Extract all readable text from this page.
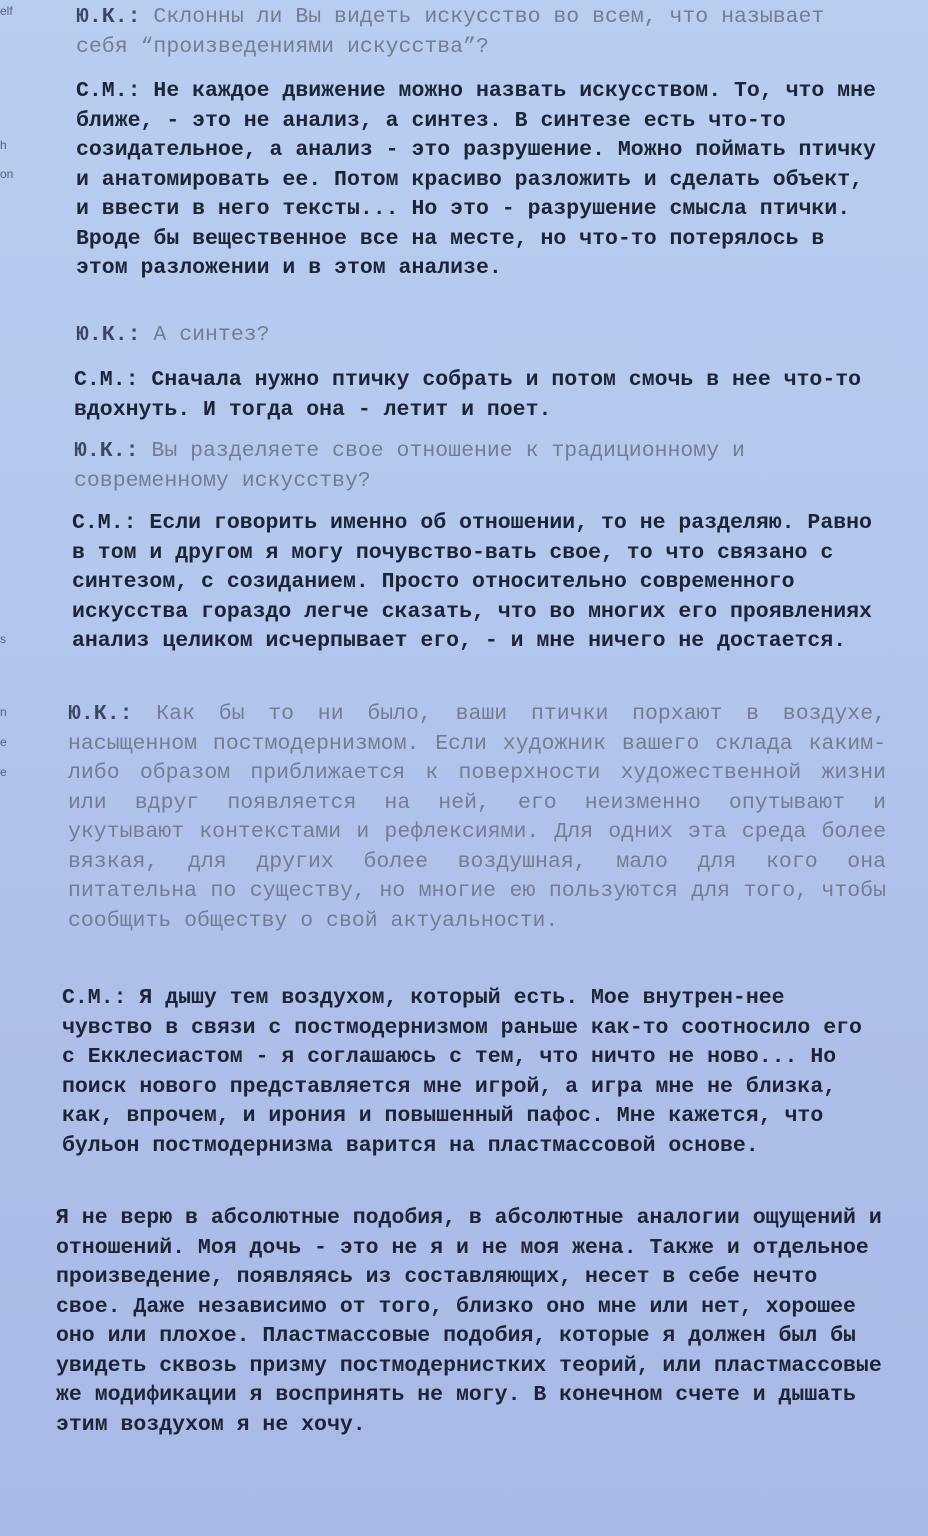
elf
h
on
s
n
e
e

Ю.К.: Склонны ли Вы видеть искусство во всем, что называет себя “произведениями искусства”?

С.М.: Не каждое движение можно назвать искусством. То, что мне ближе, - это не анализ, а синтез. В синтезе есть что-то созидательное, а анализ - это разрушение. Можно поймать птичку и анатомировать ее. Потом красиво разложить и сделать объект, и ввести в него тексты... Но это - разрушение смысла птички. Вроде бы вещественное все на месте, но что-то потерялось в этом разложении и в этом анализе.

Ю.К.: А синтез?

С.М.: Сначала нужно птичку собрать и потом смочь в нее что-то вдохнуть. И тогда она - летит и поет.

Ю.К.: Вы разделяете свое отношение к традиционному и современному искусству?

С.М.: Если говорить именно об отношении, то не разделяю. Равно в том и другом я могу почувство-вать свое, то что связано с синтезом, с созиданием. Просто относительно современного искусства гораздо легче сказать, что во многих его проявлениях анализ целиком исчерпывает его, - и мне ничего не достается.

Ю.К.: Как бы то ни было, ваши птички порхают в воздухе, насыщенном постмодернизмом. Если художник вашего склада каким-либо образом приближается к поверхности художественной жизни или вдруг появляется на ней, его неизменно опутывают и укутывают контекстами и рефлексиями. Для одних эта среда более вязкая, для других более воздушная, мало для кого она питательна по существу, но многие ею пользуются для того, чтобы сообщить обществу о свой актуальности.

С.М.: Я дышу тем воздухом, который есть. Мое внутрен-нее чувство в связи с постмодернизмом раньше как-то соотносило его с Екклесиастом - я соглашаюсь с тем, что ничто не ново... Но поиск нового представляется мне игрой, а игра мне не близка, как, впрочем, и ирония и повышенный пафос. Мне кажется, что бульон постмодернизма варится на пластмассовой основе.

Я не верю в абсолютные подобия, в абсолютные аналогии ощущений и отношений. Моя дочь - это не я и не моя жена. Также и отдельное произведение, появляясь из составляющих, несет в себе нечто свое. Даже независимо от того, близко оно мне или нет, хорошее оно или плохое. Пластмассовые подобия, которые я должен был бы увидеть сквозь призму постмодернистких теорий, или пластмассовые же модификации я воспринять не могу. В конечном счете и дышать этим воздухом я не хочу.
